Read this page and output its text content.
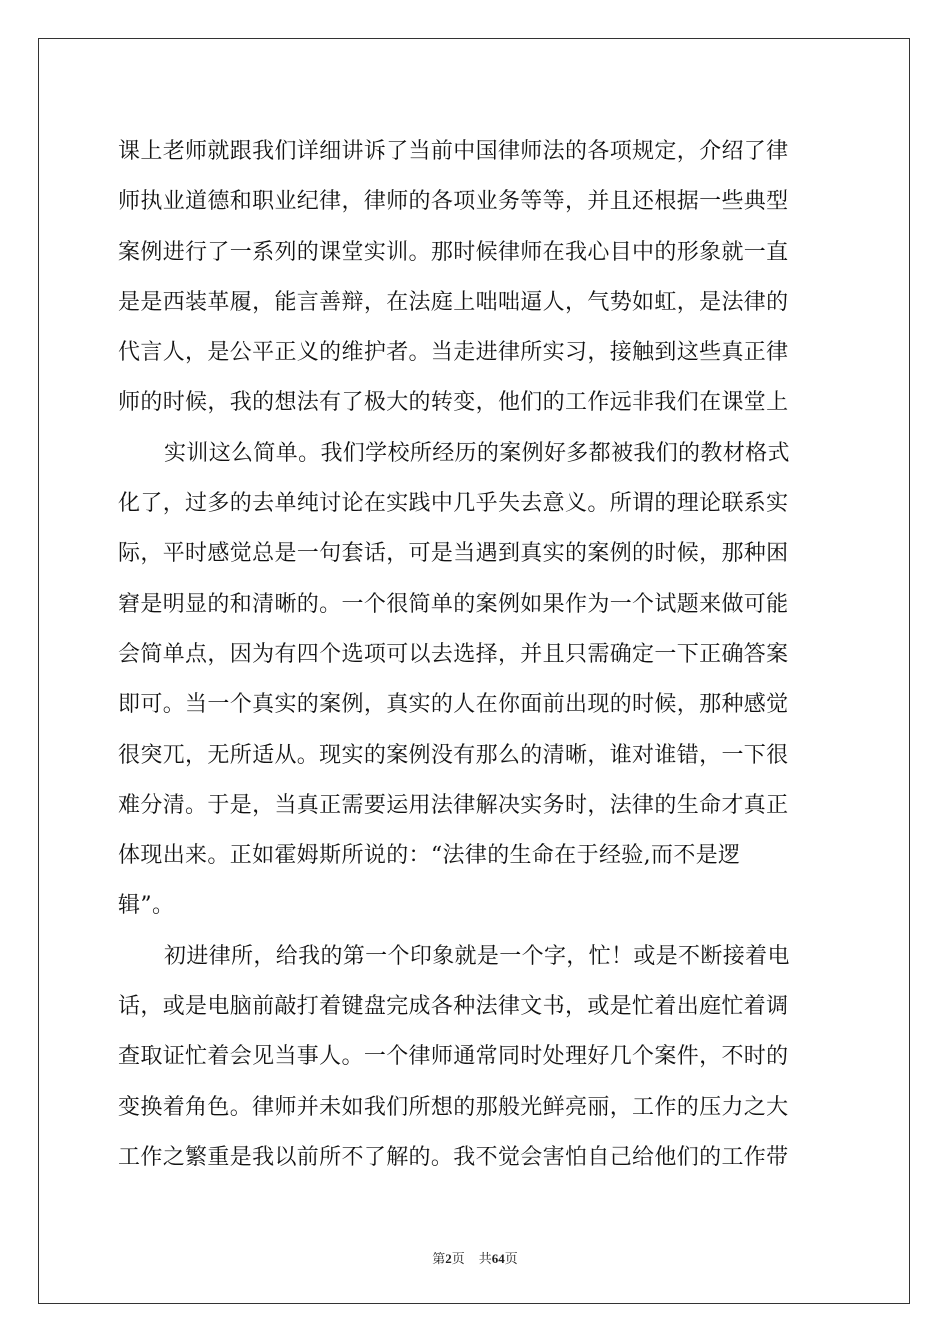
课上老师就跟我们详细讲诉了当前中国律师法的各项规定，介绍了律
师执业道德和职业纪律，律师的各项业务等等，并且还根据一些典型
案例进行了一系列的课堂实训。那时候律师在我心目中的形象就一直
是是西装革履，能言善辩，在法庭上咄咄逼人，气势如虹，是法律的
代言人，是公平正义的维护者。当走进律所实习，接触到这些真正律
师的时候，我的想法有了极大的转变，他们的工作远非我们在课堂上
实训这么简单。我们学校所经历的案例好多都被我们的教材格式
化了，过多的去单纯讨论在实践中几乎失去意义。所谓的理论联系实
际，平时感觉总是一句套话，可是当遇到真实的案例的时候，那种困
窘是明显的和清晰的。一个很简单的案例如果作为一个试题来做可能
会简单点，因为有四个选项可以去选择，并且只需确定一下正确答案
即可。当一个真实的案例，真实的人在你面前出现的时候，那种感觉
很突兀，无所适从。现实的案例没有那么的清晰，谁对谁错，一下很
难分清。于是，当真正需要运用法律解决实务时，法律的生命才真正
体现出来。正如霍姆斯所说的：“法律的生命在于经验,而不是逻
辑”。
初进律所，给我的第一个印象就是一个字，忙！或是不断接着电
话，或是电脑前敲打着键盘完成各种法律文书，或是忙着出庭忙着调
查取证忙着会见当事人。一个律师通常同时处理好几个案件，不时的
变换着角色。律师并未如我们所想的那般光鲜亮丽，工作的压力之大
工作之繁重是我以前所不了解的。我不觉会害怕自己给他们的工作带
第2页 共64页
